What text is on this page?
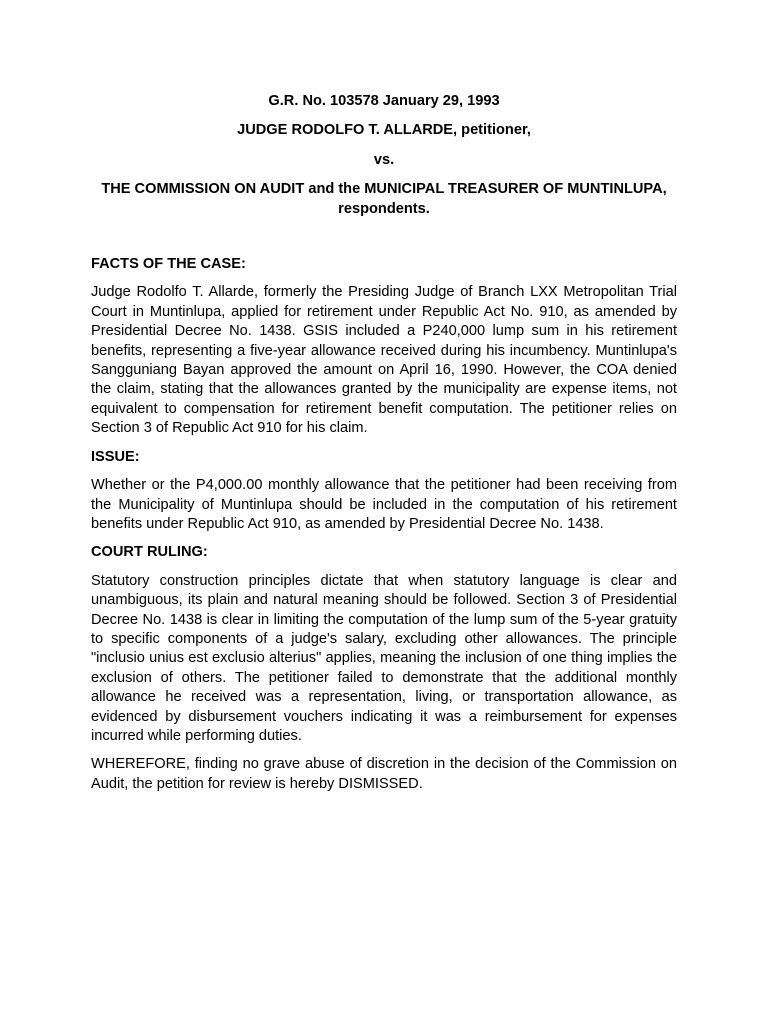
G.R. No. 103578 January 29, 1993
JUDGE RODOLFO T. ALLARDE, petitioner,
vs.
THE COMMISSION ON AUDIT and the MUNICIPAL TREASURER OF MUNTINLUPA, respondents.
FACTS OF THE CASE:

Judge Rodolfo T. Allarde, formerly the Presiding Judge of Branch LXX Metropolitan Trial Court in Muntinlupa, applied for retirement under Republic Act No. 910, as amended by Presidential Decree No. 1438. GSIS included a P240,000 lump sum in his retirement benefits, representing a five-year allowance received during his incumbency. Muntinlupa's Sangguniang Bayan approved the amount on April 16, 1990. However, the COA denied the claim, stating that the allowances granted by the municipality are expense items, not equivalent to compensation for retirement benefit computation. The petitioner relies on Section 3 of Republic Act 910 for his claim.

ISSUE:

Whether or the P4,000.00 monthly allowance that the petitioner had been receiving from the Municipality of Muntinlupa should be included in the computation of his retirement benefits under Republic Act 910, as amended by Presidential Decree No. 1438.

COURT RULING:

Statutory construction principles dictate that when statutory language is clear and unambiguous, its plain and natural meaning should be followed. Section 3 of Presidential Decree No. 1438 is clear in limiting the computation of the lump sum of the 5-year gratuity to specific components of a judge's salary, excluding other allowances. The principle "inclusio unius est exclusio alterius" applies, meaning the inclusion of one thing implies the exclusion of others. The petitioner failed to demonstrate that the additional monthly allowance he received was a representation, living, or transportation allowance, as evidenced by disbursement vouchers indicating it was a reimbursement for expenses incurred while performing duties.

WHEREFORE, finding no grave abuse of discretion in the decision of the Commission on Audit, the petition for review is hereby DISMISSED.
